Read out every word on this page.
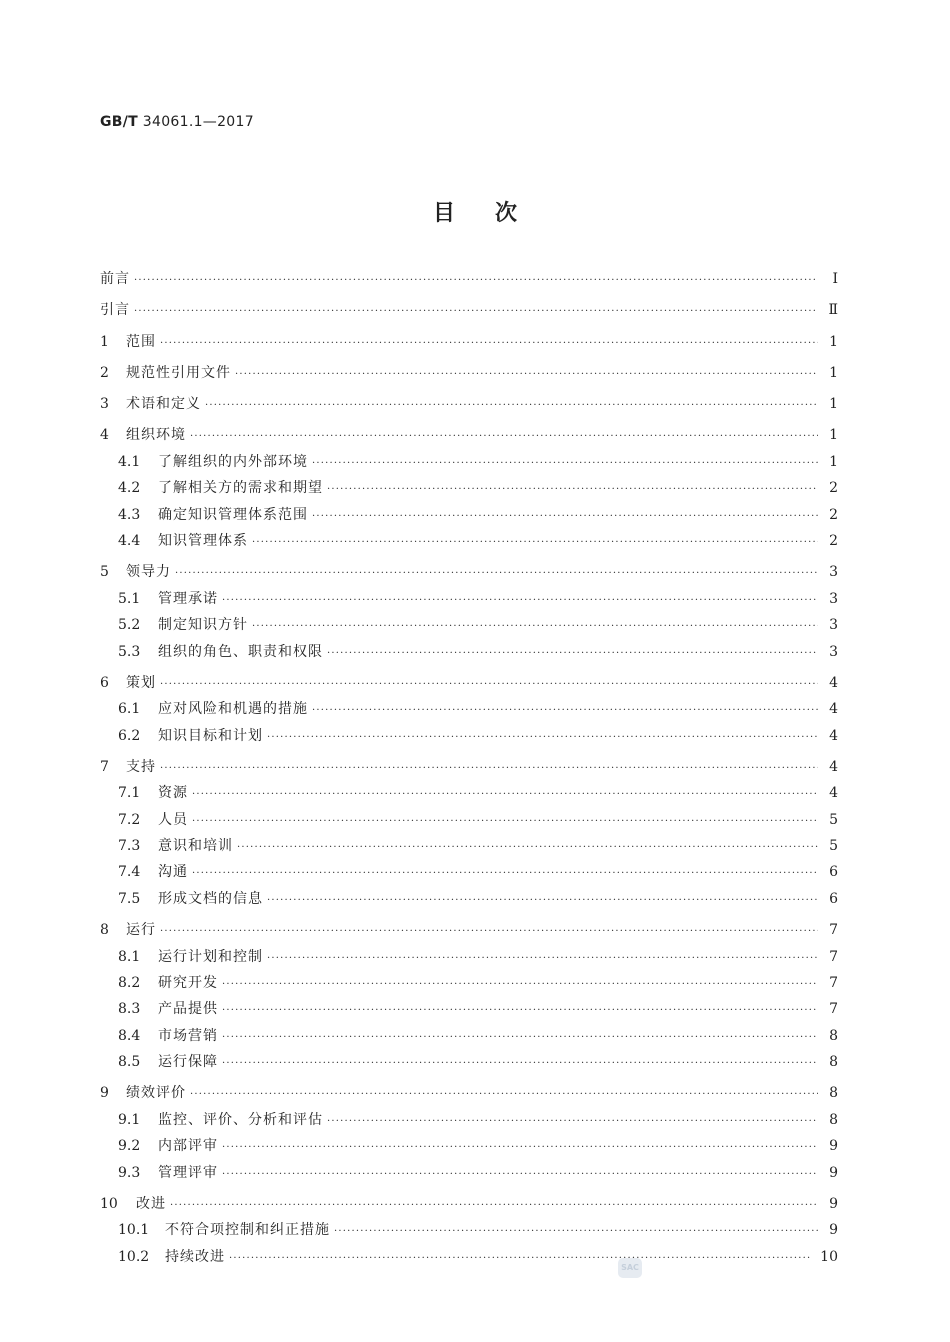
GB/T 34061.1—2017
目次
前言 ·····	Ⅰ
引言 ·····	Ⅱ
1	范围 ·····	1
2	规范性引用文件 ·····	1
3	术语和定义 ·····	1
4	组织环境 ·····	1
4.1	了解组织的内外部环境 ·····	1
4.2	了解相关方的需求和期望 ·····	2
4.3	确定知识管理体系范围 ·····	2
4.4	知识管理体系 ·····	2
5	领导力 ·····	3
5.1	管理承诺 ·····	3
5.2	制定知识方针 ·····	3
5.3	组织的角色、职责和权限 ·····	3
6	策划 ·····	4
6.1	应对风险和机遇的措施 ·····	4
6.2	知识目标和计划 ·····	4
7	支持 ·····	4
7.1	资源 ·····	4
7.2	人员 ·····	5
7.3	意识和培训 ·····	5
7.4	沟通 ·····	6
7.5	形成文档的信息 ·····	6
8	运行 ·····	7
8.1	运行计划和控制 ·····	7
8.2	研究开发 ·····	7
8.3	产品提供 ·····	7
8.4	市场营销 ·····	8
8.5	运行保障 ·····	8
9	绩效评价 ·····	8
9.1	监控、评价、分析和评估 ·····	8
9.2	内部评审 ·····	9
9.3	管理评审 ·····	9
10	改进 ·····	9
10.1	不符合项控制和纠正措施 ·····	9
10.2	持续改进 ·····	10
SAC
